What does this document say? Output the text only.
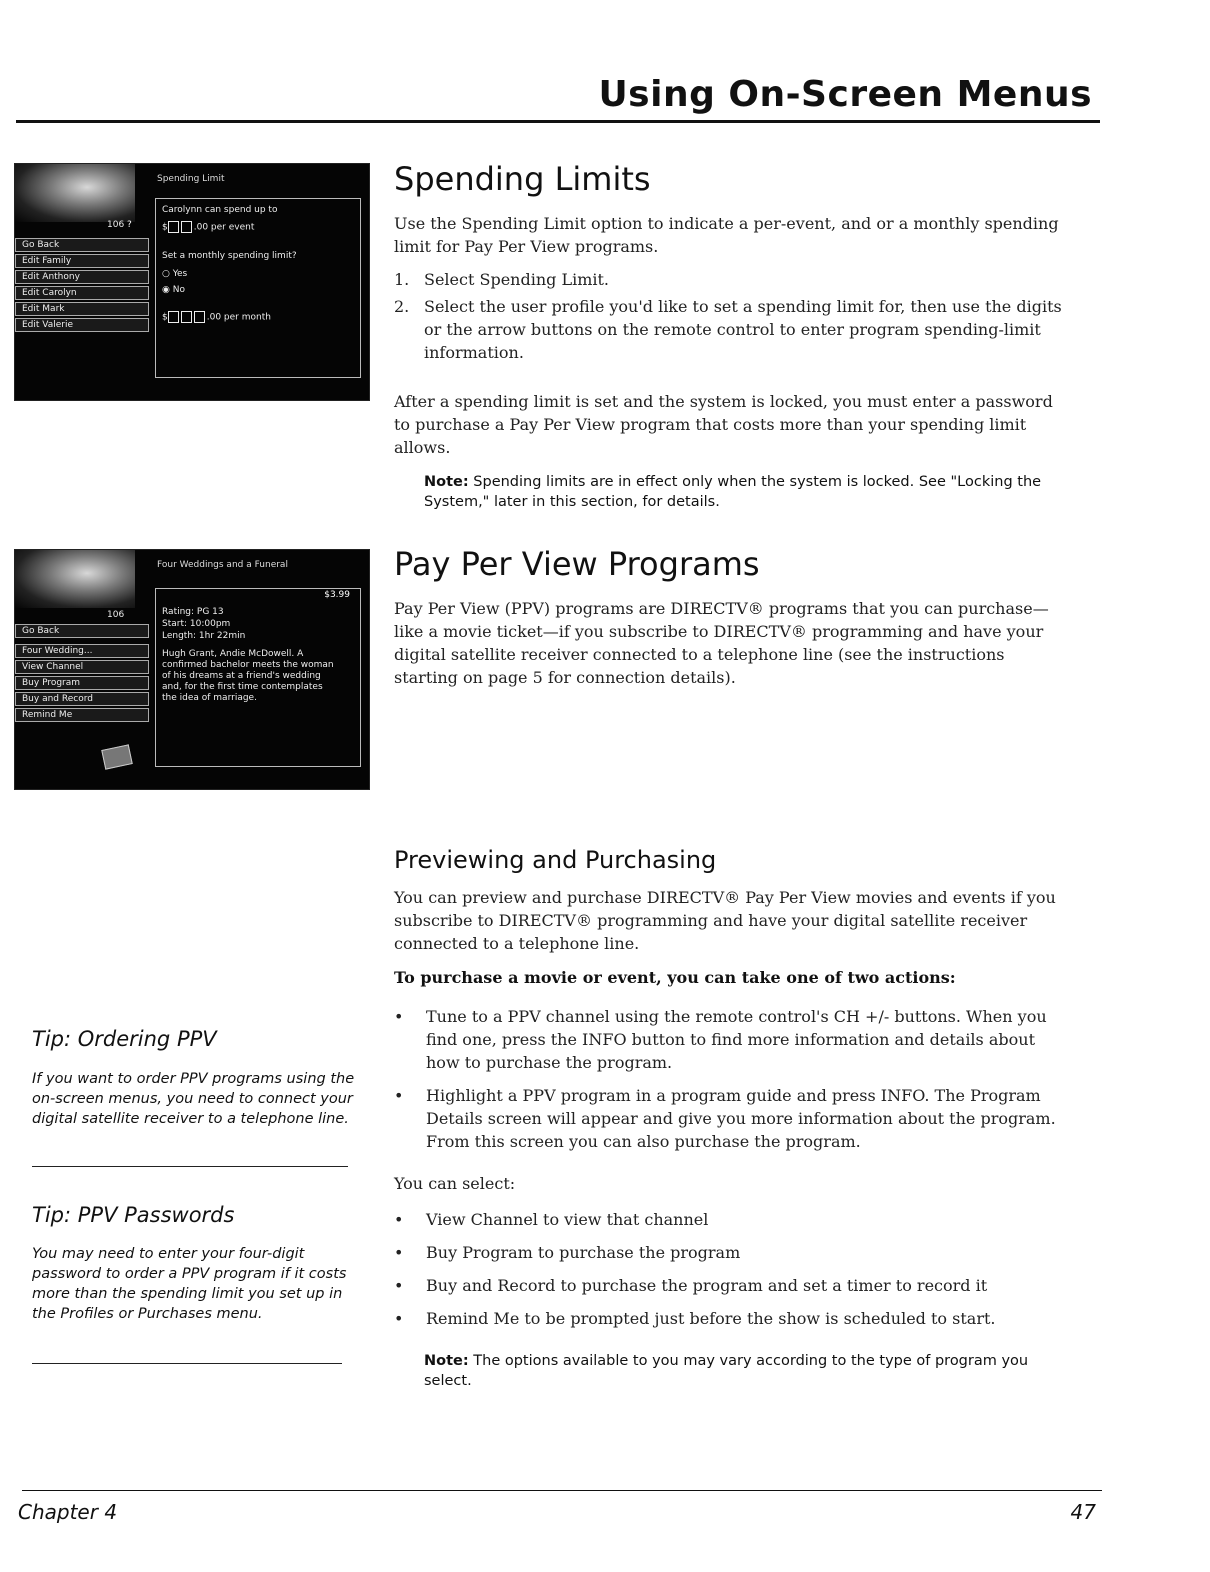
Using On-Screen Menus
Spending Limit
106 ?
Go Back
Edit Family
Edit Anthony
Edit Carolyn
Edit Mark
Edit Valerie
Carolynn can spend up to
$	.00 per event
Set a monthly spending limit?
○ Yes
◉ No
$	.00 per month
Spending Limits

Use the Spending Limit option to indicate a per-event, and or a monthly spending limit for Pay Per View programs.

1. Select Spending Limit.
2. Select the user profile you'd like to set a spending limit for, then use the digits or the arrow buttons on the remote control to enter program spending-limit information.

After a spending limit is set and the system is locked, you must enter a password to purchase a Pay Per View program that costs more than your spending limit allows.

Note: Spending limits are in effect only when the system is locked. See "Locking the System," later in this section, for details.

Four Weddings and a Funeral
106
Go Back
Four Wedding...
View Channel
Buy Program
Buy and Record
Remind Me
$3.99
Rating: PG 13
Start: 10:00pm
Length: 1hr 22min
Hugh Grant, Andie McDowell. A
confirmed bachelor meets the woman
of his dreams at a friend's wedding
and, for the first time contemplates
the idea of marriage.
Pay Per View Programs

Pay Per View (PPV) programs are DIRECTV® programs that you can purchase—like a movie ticket—if you subscribe to DIRECTV® programming and have your digital satellite receiver connected to a telephone line (see the instructions starting on page 5 for connection details).

Previewing and Purchasing

You can preview and purchase DIRECTV® Pay Per View movies and events if you subscribe to DIRECTV® programming and have your digital satellite receiver connected to a telephone line.

To purchase a movie or event, you can take one of two actions:
•	Tune to a PPV channel using the remote control's CH +/- buttons. When you find one, press the INFO button to find more information and details about how to purchase the program.
•	Highlight a PPV program in a program guide and press INFO. The Program Details screen will appear and give you more information about the program. From this screen you can also purchase the program.

You can select:

•	View Channel to view that channel
•	Buy Program to purchase the program
•	Buy and Record to purchase the program and set a timer to record it
•	Remind Me to be prompted just before the show is scheduled to start.

Note: The options available to you may vary according to the type of program you select.

Tip: Ordering PPV

If you want to order PPV programs using the on-screen menus, you need to connect your digital satellite receiver to a telephone line.

Tip: PPV Passwords

You may need to enter your four-digit password to order a PPV program if it costs more than the spending limit you set up in the Profiles or Purchases menu.

Chapter 4	47
